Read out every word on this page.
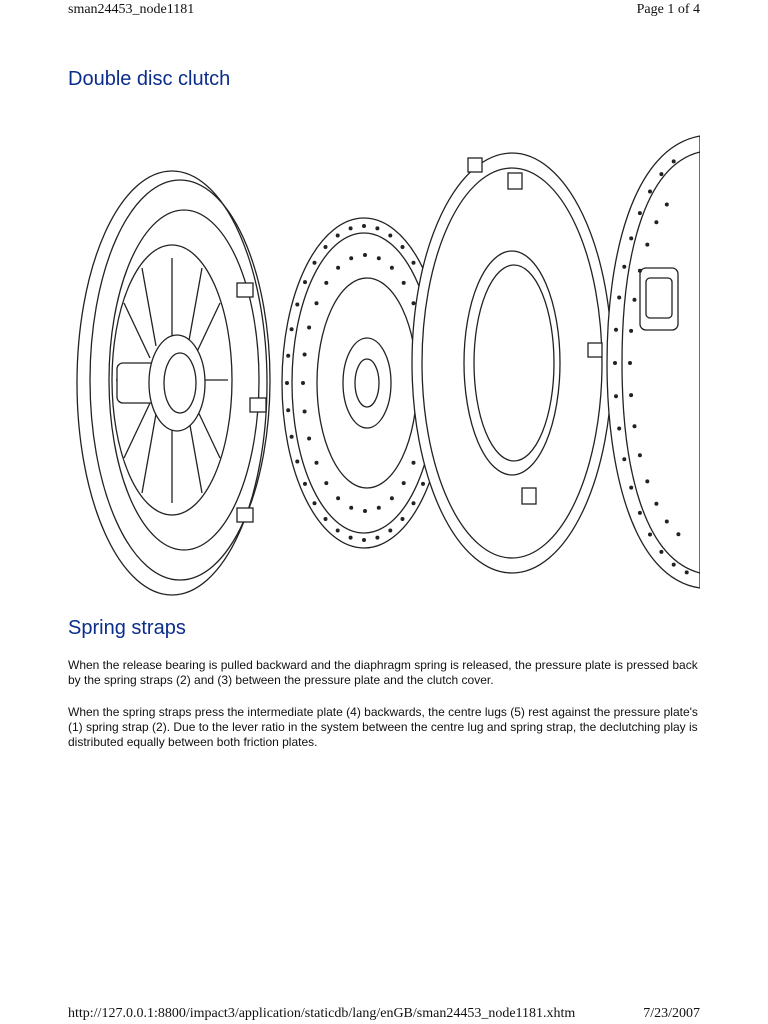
sman24453_node1181	Page 1 of 4
Double disc clutch
Spring straps

When the release bearing is pulled backward and the diaphragm spring is released, the pressure plate is pressed back by the spring straps (2) and (3) between the pressure plate and the clutch cover.

When the spring straps press the intermediate plate (4) backwards, the centre lugs (5) rest against the pressure plate's (1) spring strap (2). Due to the lever ratio in the system between the centre lug and spring strap, the declutching play is distributed equally between both friction plates.

http://127.0.0.1:8800/impact3/application/staticdb/lang/enGB/sman24453_node1181.xhtm	7/23/2007
